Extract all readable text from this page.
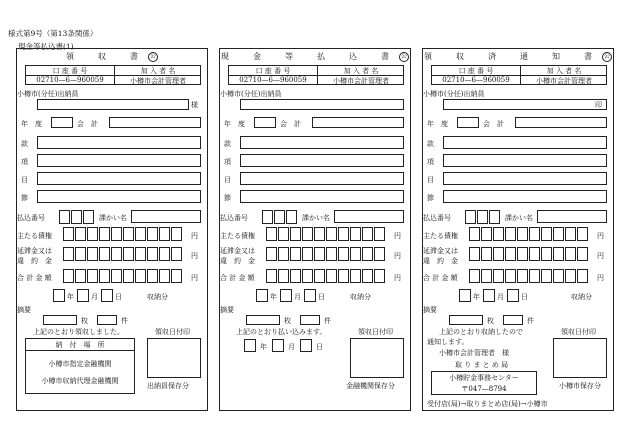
様式第9号（第13条関係）
現金等払込書(1)
領　収　書 公
口 座 番 号	加 入 者 名
02710—6—960059	小樽市会計管理者
小樽市(分任)出納員
様
年　度	会　計
款
項
目
節
払込番号	課かい名
主たる債権	円
延滞金又は
違　約　金
円
合 計 金 額	円
年 月 日	収納分
摘要
枚	件
上記のとおり領収しました。	領収日付印
納　付　場　所
小樽市指定金融機関
小樽市収納代理金融機関
出納員保存分
現　金　等　払　込　書 公
口 座 番 号	加 入 者 名
02710—6—960059	小樽市会計管理者
小樽市(分任)出納員
年　度	会　計
款
項
目
節
払込番号	課かい名
主たる債権	円
延滞金又は
違　約　金
円
合 計 金 額	円
年 月 日	収納分
摘要
枚	件
上記のとおり払い込みます。	領収日付印
年	月	日
金融機関保存分
領　収　済　通　知　書 公
口 座 番 号	加 入 者 名
02710—6—960059	小樽市会計管理者
小樽市(分任)出納員
印
年　度	会　計
款
項
目
節
払込番号	課かい名
主たる債権	円
延滞金又は
違　約　金
円
合 計 金 額	円
年 月 日	収納分
摘要
枚	件
上記のとおり収納したので
通知します。
領収日付印
小樽市会計管理者　様
取 り ま と め 局
小樽貯金事務センター
〒047—8794	小樽市保存分
受付店(局)→取りまとめ店(局)→小樽市
